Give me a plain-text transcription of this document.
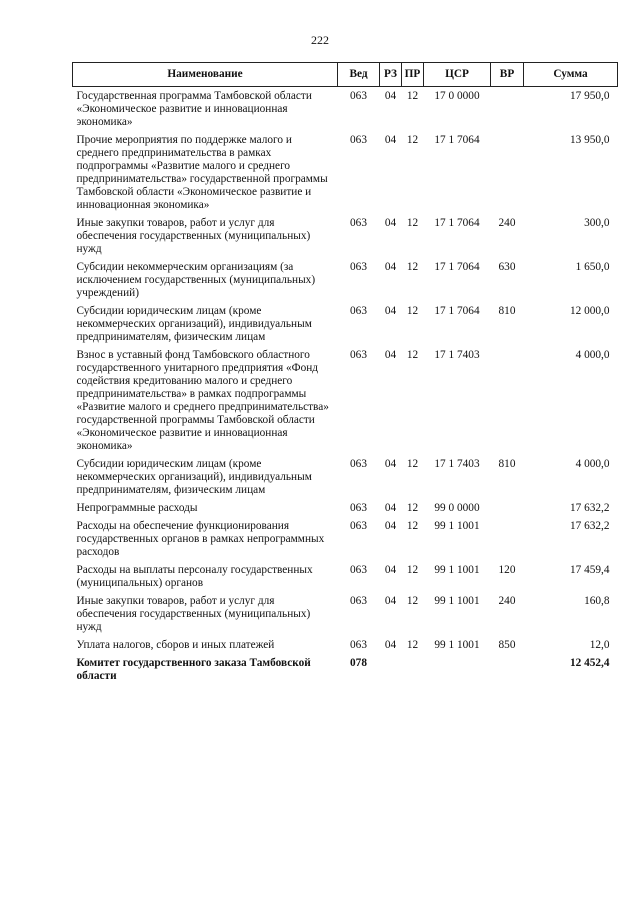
222
Наименование	Вед	РЗ	ПР	ЦСР	ВР	Сумма
Государственная программа Тамбовской области «Экономическое развитие и инновационная экономика»	063	04	12	17 0 0000		17 950,0
Прочие мероприятия по поддержке малого и среднего предпринимательства в рамках подпрограммы «Развитие малого и среднего предпринимательства» государственной программы Тамбовской области «Экономическое развитие и инновационная экономика»	063	04	12	17 1 7064		13 950,0
Иные закупки товаров, работ и услуг для обеспечения государственных (муниципальных) нужд	063	04	12	17 1 7064	240	300,0
Субсидии некоммерческим организациям (за исключением государственных (муниципальных) учреждений)	063	04	12	17 1 7064	630	1 650,0
Субсидии юридическим лицам (кроме некоммерческих организаций), индивидуальным предпринимателям, физическим лицам	063	04	12	17 1 7064	810	12 000,0
Взнос в уставный фонд Тамбовского областного государственного унитарного предприятия «Фонд содействия кредитованию малого и среднего предпринимательства» в рамках подпрограммы «Развитие малого и среднего предпринимательства» государственной программы Тамбовской области «Экономическое развитие и инновационная экономика»	063	04	12	17 1 7403		4 000,0
Субсидии юридическим лицам (кроме некоммерческих организаций), индивидуальным предпринимателям, физическим лицам	063	04	12	17 1 7403	810	4 000,0
Непрограммные расходы	063	04	12	99 0 0000		17 632,2
Расходы на обеспечение функционирования государственных органов в рамках непрограммных расходов	063	04	12	99 1 1001		17 632,2
Расходы на выплаты персоналу государственных (муниципальных) органов	063	04	12	99 1 1001	120	17 459,4
Иные закупки товаров, работ и услуг для обеспечения государственных (муниципальных) нужд	063	04	12	99 1 1001	240	160,8
Уплата налогов, сборов и иных платежей	063	04	12	99 1 1001	850	12,0
Комитет государственного заказа Тамбовской области	078					12 452,4
